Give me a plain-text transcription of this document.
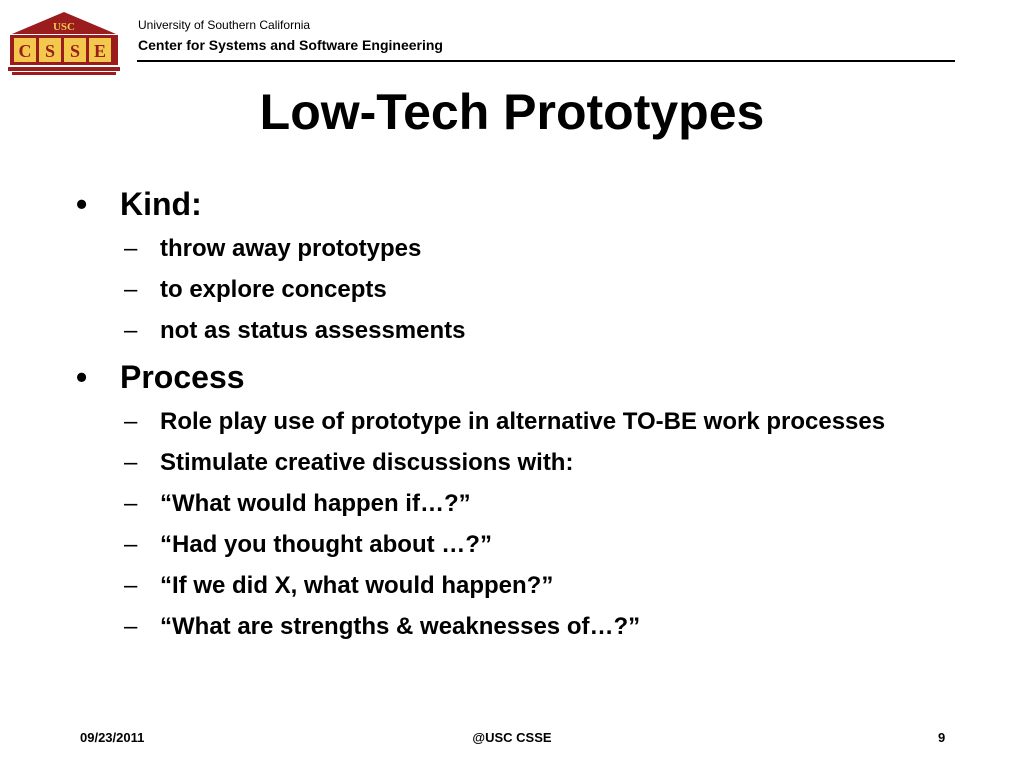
USC
C S S E
University of Southern California
Center for Systems and Software Engineering
Low-Tech Prototypes
•	Kind:
– throw away prototypes
– to explore concepts
– not as status assessments
•	Process
– Role play use of prototype in alternative TO-BE work processes
– Stimulate creative discussions with:
– “What would happen if…?”
– “Had you thought about …?”
– “If we did X, what would happen?”
– “What are strengths & weaknesses of…?”
09/23/2011	@USC CSSE	9
